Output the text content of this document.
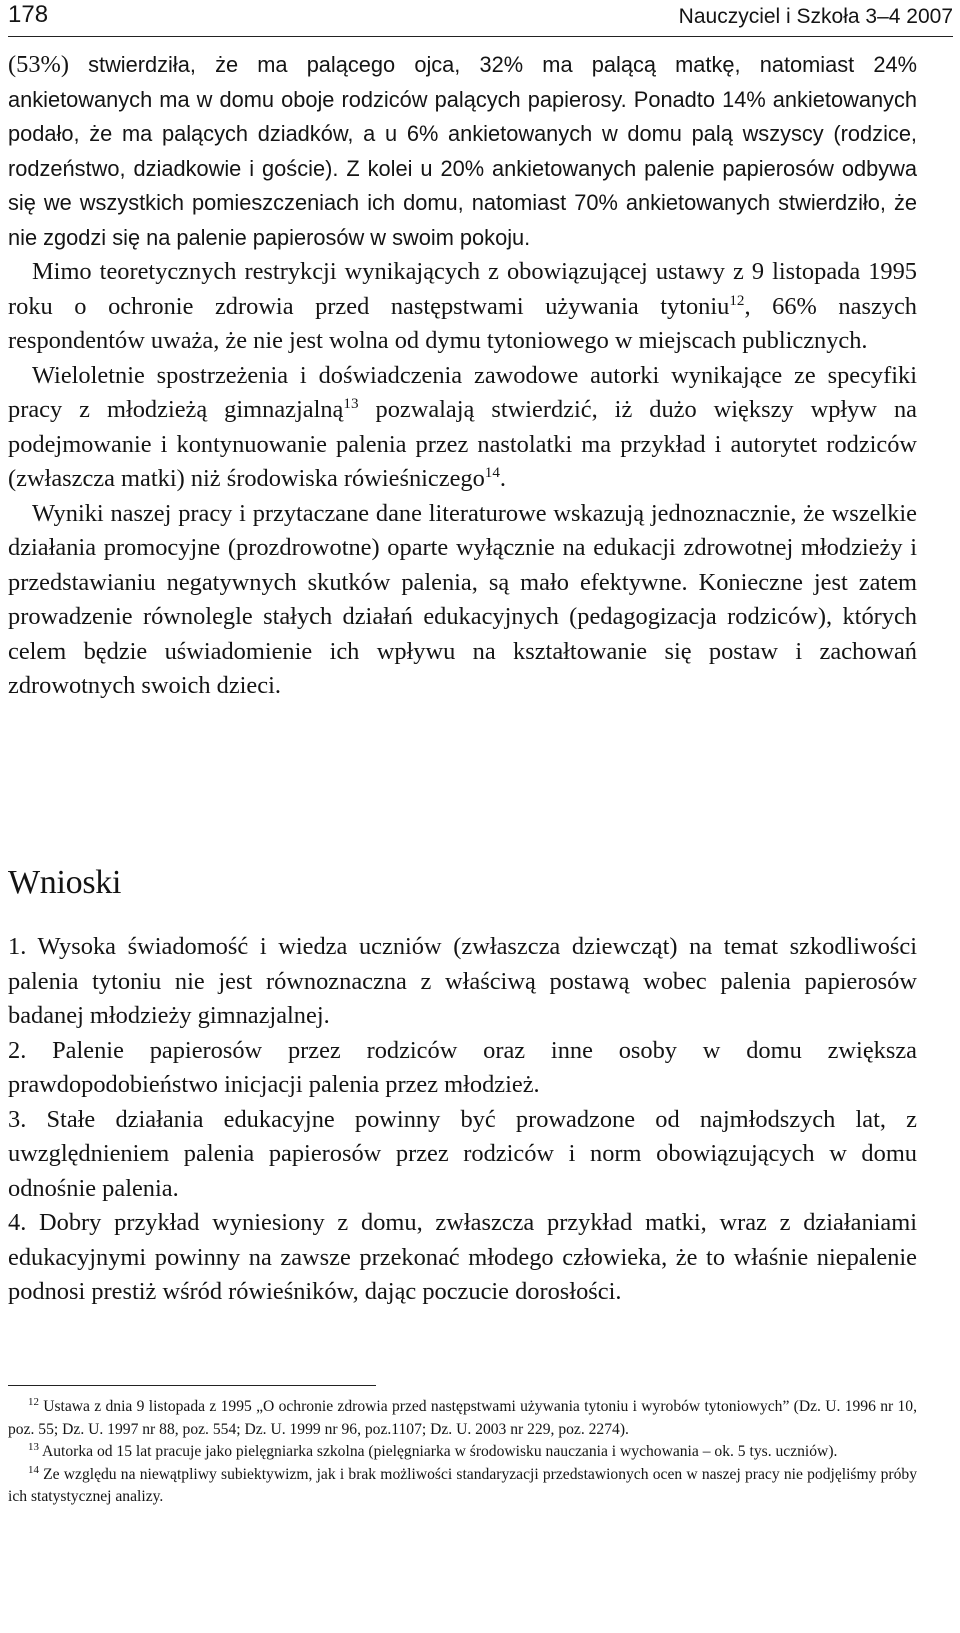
178	Nauczyciel i Szkoła 3–4 2007

(53%) stwierdziła, że ma palącego ojca, 32% ma palącą matkę, natomiast 24% ankietowanych ma w domu oboje rodziców palących papierosy. Ponadto 14% ankietowanych podało, że ma palących dziadków, a u 6% ankietowanych w domu palą wszyscy (rodzice, rodzeństwo, dziadkowie i goście). Z kolei u 20% ankietowanych palenie papierosów odbywa się we wszystkich pomieszczeniach ich domu, natomiast 70% ankietowanych stwierdziło, że nie zgodzi się na palenie papierosów w swoim pokoju.

Mimo teoretycznych restrykcji wynikających z obowiązującej ustawy z 9 listopada 1995 roku o ochronie zdrowia przed następstwami używania tytoniu$^{12}$, 66% naszych respondentów uważa, że nie jest wolna od dymu tytoniowego w miejscach publicznych.

Wieloletnie spostrzeżenia i doświadczenia zawodowe autorki wynikające ze specyfiki pracy z młodzieżą gimnazjalną$^{13}$ pozwalają stwierdzić, iż dużo większy wpływ na podejmowanie i kontynuowanie palenia przez nastolatki ma przykład i autorytet rodziców (zwłaszcza matki) niż środowiska rówieśniczego$^{14}$.

Wyniki naszej pracy i przytaczane dane literaturowe wskazują jednoznacznie, że wszelkie działania promocyjne (prozdrowotne) oparte wyłącznie na edukacji zdrowotnej młodzieży i przedstawianiu negatywnych skutków palenia, są mało efektywne. Konieczne jest zatem prowadzenie równolegle stałych działań edukacyjnych (pedagogizacja rodziców), których celem będzie uświadomienie ich wpływu na kształtowanie się postaw i zachowań zdrowotnych swoich dzieci.

Wnioski

1. Wysoka świadomość i wiedza uczniów (zwłaszcza dziewcząt) na temat szkodliwości palenia tytoniu nie jest równoznaczna z właściwą postawą wobec palenia papierosów badanej młodzieży gimnazjalnej.

2. Palenie papierosów przez rodziców oraz inne osoby w domu zwiększa prawdopodobieństwo inicjacji palenia przez młodzież.

3. Stałe działania edukacyjne powinny być prowadzone od najmłodszych lat, z uwzględnieniem palenia papierosów przez rodziców i norm obowiązujących w domu odnośnie palenia.

4. Dobry przykład wyniesiony z domu, zwłaszcza przykład matki, wraz z działaniami edukacyjnymi powinny na zawsze przekonać młodego człowieka, że to właśnie niepalenie podnosi prestiż wśród rówieśników, dając poczucie dorosłości.

$^{12}$ Ustawa z dnia 9 listopada z 1995 „O ochronie zdrowia przed następstwami używania tytoniu i wyrobów tytoniowych” (Dz. U. 1996 nr 10, poz. 55; Dz. U. 1997 nr 88, poz. 554; Dz. U. 1999 nr 96, poz.1107; Dz. U. 2003 nr 229, poz. 2274).

$^{13}$ Autorka od 15 lat pracuje jako pielęgniarka szkolna (pielęgniarka w środowisku nauczania i wychowania – ok. 5 tys. uczniów).

$^{14}$ Ze względu na niewątpliwy subiektywizm, jak i brak możliwości standaryzacji przedstawionych ocen w naszej pracy nie podjęliśmy próby ich statystycznej analizy.
